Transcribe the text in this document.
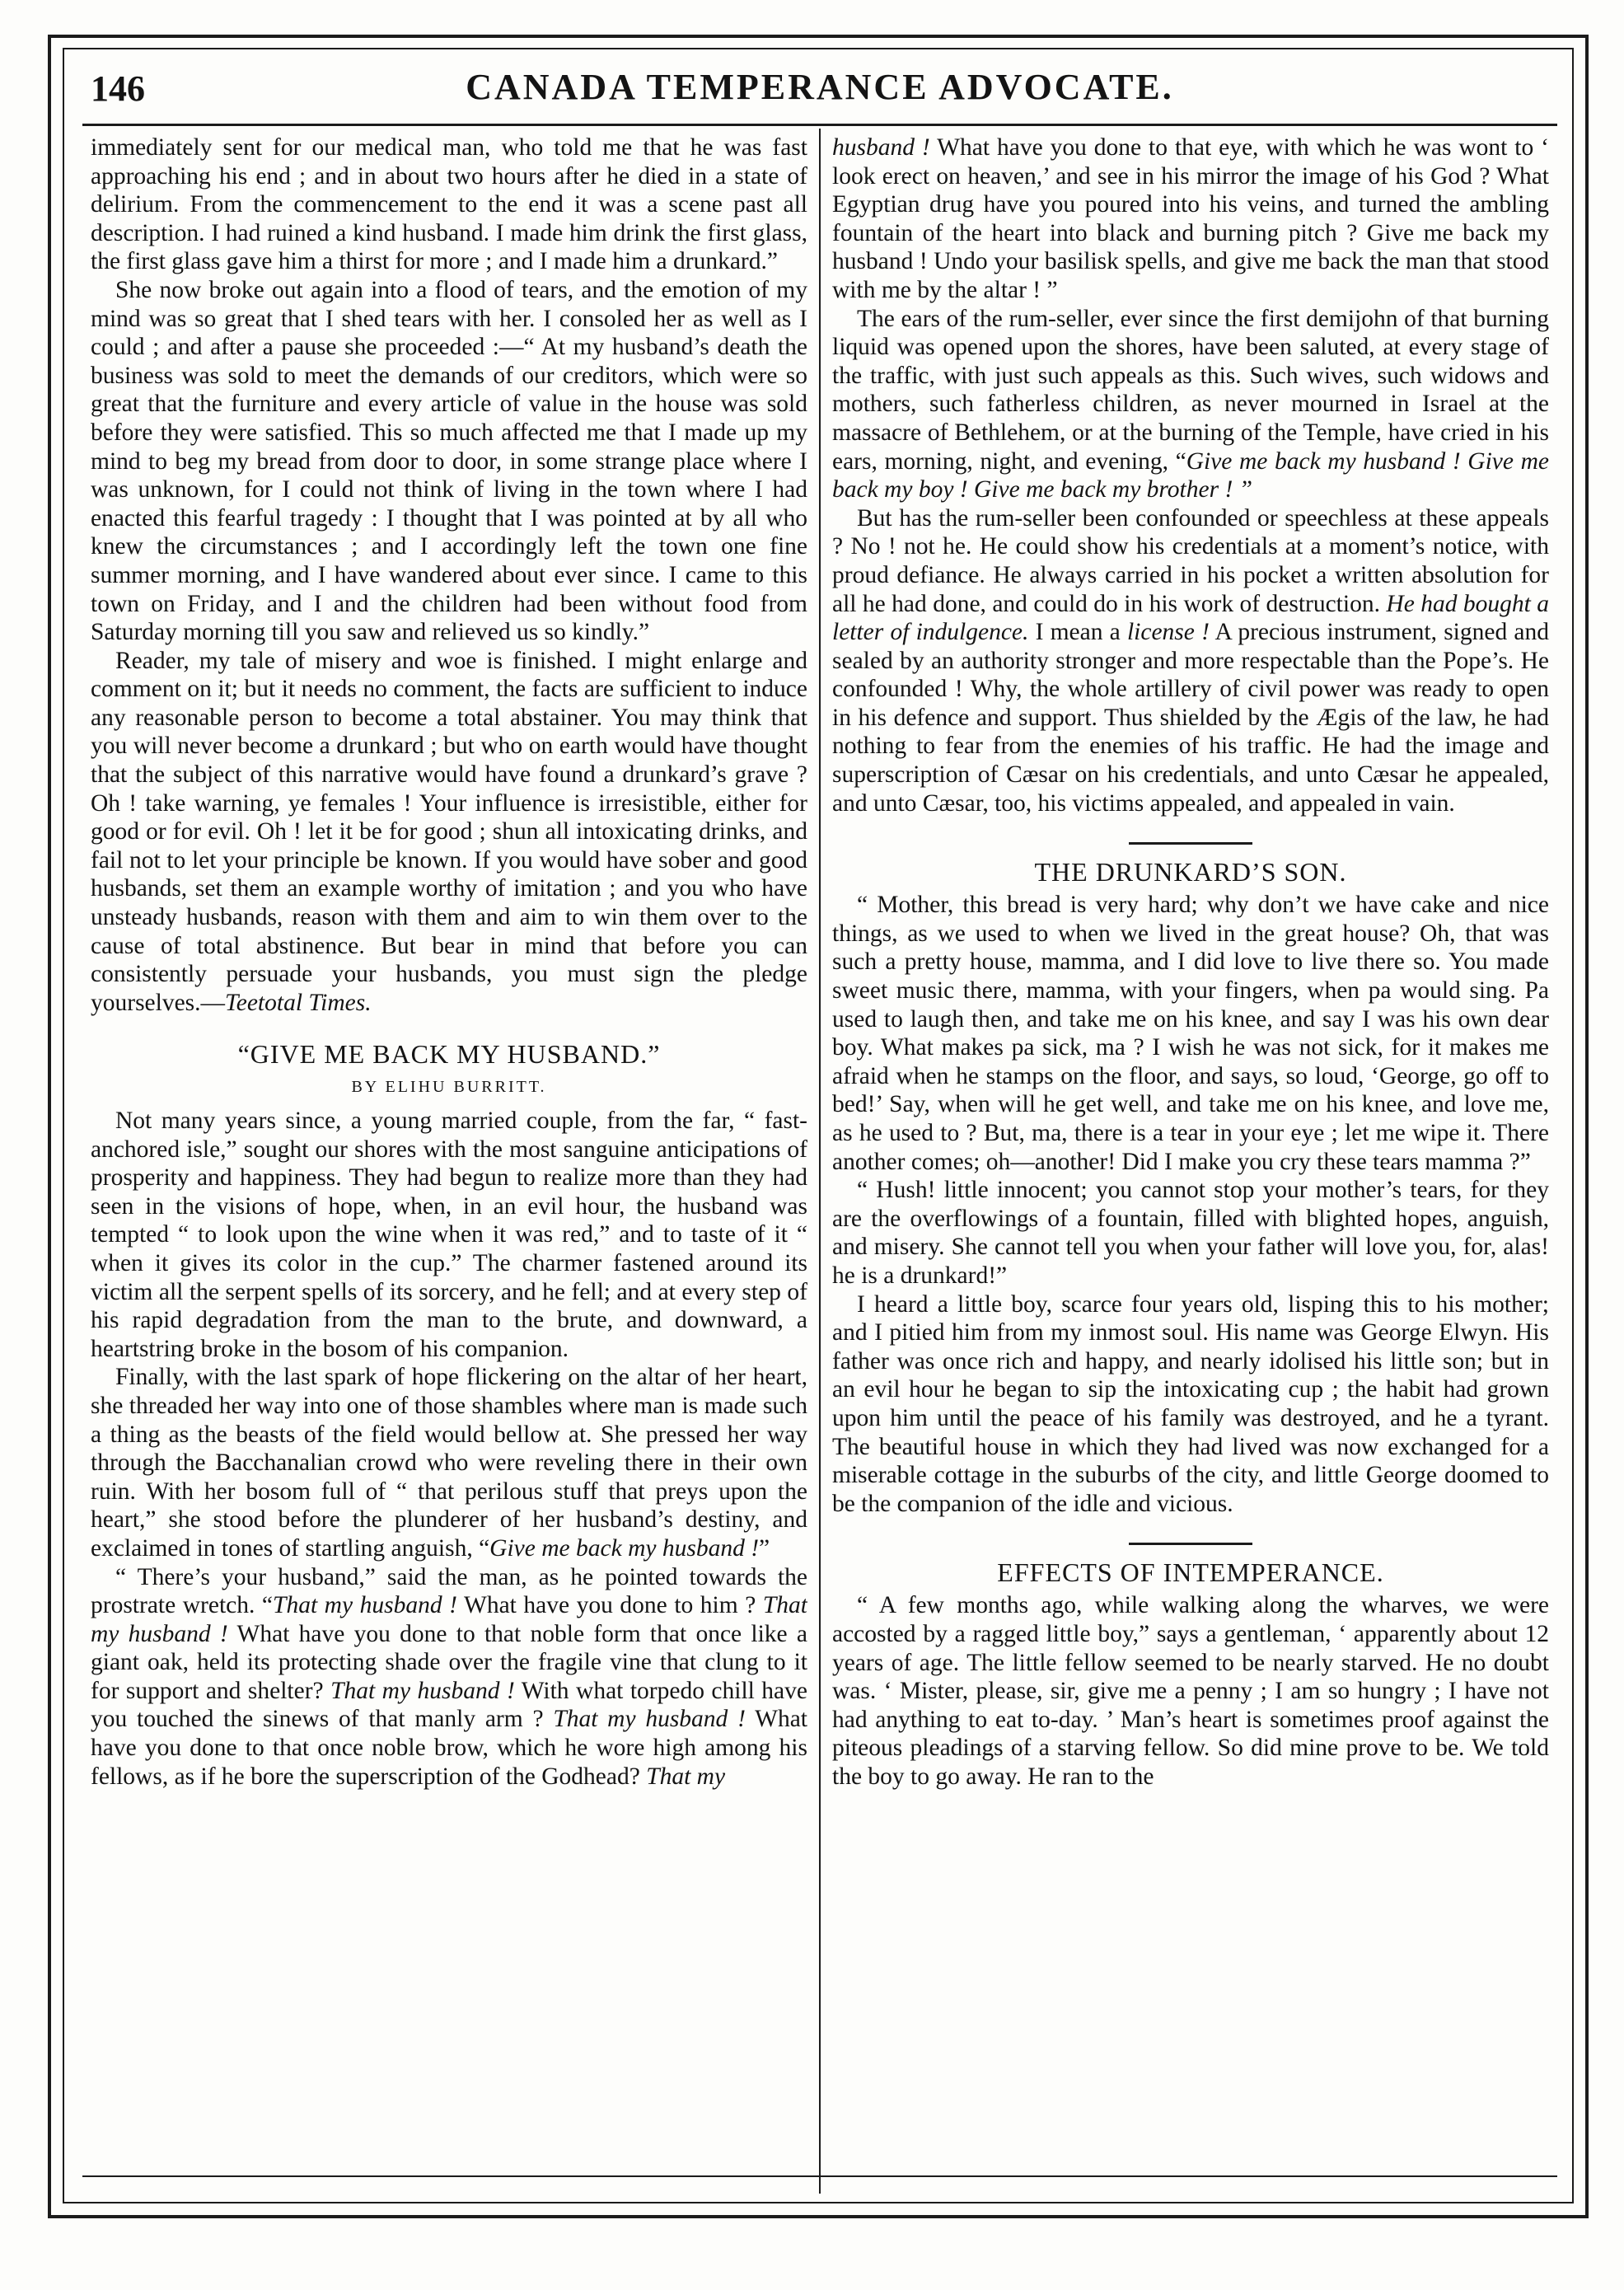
146	CANADA TEMPERANCE ADVOCATE.

immediately sent for our medical man, who told me that he was fast approaching his end ; and in about two hours after he died in a state of delirium. From the commencement to the end it was a scene past all description. I had ruined a kind husband. I made him drink the first glass, the first glass gave him a thirst for more ; and I made him a drunkard.”

She now broke out again into a flood of tears, and the emotion of my mind was so great that I shed tears with her. I consoled her as well as I could ; and after a pause she proceeded :—“ At my husband’s death the business was sold to meet the demands of our creditors, which were so great that the furniture and every article of value in the house was sold before they were satisfied. This so much affected me that I made up my mind to beg my bread from door to door, in some strange place where I was unknown, for I could not think of living in the town where I had enacted this fearful tragedy : I thought that I was pointed at by all who knew the circumstances ; and I accordingly left the town one fine summer morning, and I have wandered about ever since. I came to this town on Friday, and I and the children had been without food from Saturday morning till you saw and relieved us so kindly.”

Reader, my tale of misery and woe is finished. I might enlarge and comment on it; but it needs no comment, the facts are sufficient to induce any reasonable person to become a total abstainer. You may think that you will never become a drunkard ; but who on earth would have thought that the subject of this narrative would have found a drunkard’s grave ? Oh ! take warning, ye females ! Your influence is irresistible, either for good or for evil. Oh ! let it be for good ; shun all intoxicating drinks, and fail not to let your principle be known. If you would have sober and good husbands, set them an example worthy of imitation ; and you who have unsteady husbands, reason with them and aim to win them over to the cause of total abstinence. But bear in mind that before you can consistently persuade your husbands, you must sign the pledge yourselves.—Teetotal Times.

“GIVE ME BACK MY HUSBAND.”
BY ELIHU BURRITT.

Not many years since, a young married couple, from the far, “ fast-anchored isle,” sought our shores with the most sanguine anticipations of prosperity and happiness. They had begun to realize more than they had seen in the visions of hope, when, in an evil hour, the husband was tempted “ to look upon the wine when it was red,” and to taste of it “ when it gives its color in the cup.” The charmer fastened around its victim all the serpent spells of its sorcery, and he fell; and at every step of his rapid degradation from the man to the brute, and downward, a heartstring broke in the bosom of his companion.

Finally, with the last spark of hope flickering on the altar of her heart, she threaded her way into one of those shambles where man is made such a thing as the beasts of the field would bellow at. She pressed her way through the Bacchanalian crowd who were reveling there in their own ruin. With her bosom full of “ that perilous stuff that preys upon the heart,” she stood before the plunderer of her husband’s destiny, and exclaimed in tones of startling anguish, “Give me back my husband !”

“ There’s your husband,” said the man, as he pointed towards the prostrate wretch. “That my husband ! What have you done to him ? That my husband ! What have you done to that noble form that once like a giant oak, held its protecting shade over the fragile vine that clung to it for support and shelter? That my husband ! With what torpedo chill have you touched the sinews of that manly arm ? That my husband ! What have you done to that once noble brow, which he wore high among his fellows, as if he bore the superscription of the Godhead? That my

husband ! What have you done to that eye, with which he was wont to ‘ look erect on heaven,’ and see in his mirror the image of his God ? What Egyptian drug have you poured into his veins, and turned the ambling fountain of the heart into black and burning pitch ? Give me back my husband ! Undo your basilisk spells, and give me back the man that stood with me by the altar ! ”

The ears of the rum-seller, ever since the first demijohn of that burning liquid was opened upon the shores, have been saluted, at every stage of the traffic, with just such appeals as this. Such wives, such widows and mothers, such fatherless children, as never mourned in Israel at the massacre of Bethlehem, or at the burning of the Temple, have cried in his ears, morning, night, and evening, “Give me back my husband ! Give me back my boy ! Give me back my brother ! ”

But has the rum-seller been confounded or speechless at these appeals ? No ! not he. He could show his credentials at a moment’s notice, with proud defiance. He always carried in his pocket a written absolution for all he had done, and could do in his work of destruction. He had bought a letter of indulgence. I mean a license ! A precious instrument, signed and sealed by an authority stronger and more respectable than the Pope’s. He confounded ! Why, the whole artillery of civil power was ready to open in his defence and support. Thus shielded by the Ægis of the law, he had nothing to fear from the enemies of his traffic. He had the image and superscription of Cæsar on his credentials, and unto Cæsar he appealed, and unto Cæsar, too, his victims appealed, and appealed in vain.

THE DRUNKARD’S SON.

“ Mother, this bread is very hard; why don’t we have cake and nice things, as we used to when we lived in the great house? Oh, that was such a pretty house, mamma, and I did love to live there so. You made sweet music there, mamma, with your fingers, when pa would sing. Pa used to laugh then, and take me on his knee, and say I was his own dear boy. What makes pa sick, ma ? I wish he was not sick, for it makes me afraid when he stamps on the floor, and says, so loud, ‘George, go off to bed!’ Say, when will he get well, and take me on his knee, and love me, as he used to ? But, ma, there is a tear in your eye ; let me wipe it. There another comes; oh—another! Did I make you cry these tears mamma ?”

“ Hush! little innocent; you cannot stop your mother’s tears, for they are the overflowings of a fountain, filled with blighted hopes, anguish, and misery. She cannot tell you when your father will love you, for, alas! he is a drunkard!”

I heard a little boy, scarce four years old, lisping this to his mother; and I pitied him from my inmost soul. His name was George Elwyn. His father was once rich and happy, and nearly idolised his little son; but in an evil hour he began to sip the intoxicating cup ; the habit had grown upon him until the peace of his family was destroyed, and he a tyrant. The beautiful house in which they had lived was now exchanged for a miserable cottage in the suburbs of the city, and little George doomed to be the companion of the idle and vicious.

EFFECTS OF INTEMPERANCE.

“ A few months ago, while walking along the wharves, we were accosted by a ragged little boy,” says a gentleman, ‘ apparently about 12 years of age. The little fellow seemed to be nearly starved. He no doubt was. ‘ Mister, please, sir, give me a penny ; I am so hungry ; I have not had anything to eat to-day. ’ Man’s heart is sometimes proof against the piteous pleadings of a starving fellow. So did mine prove to be. We told the boy to go away. He ran to the
